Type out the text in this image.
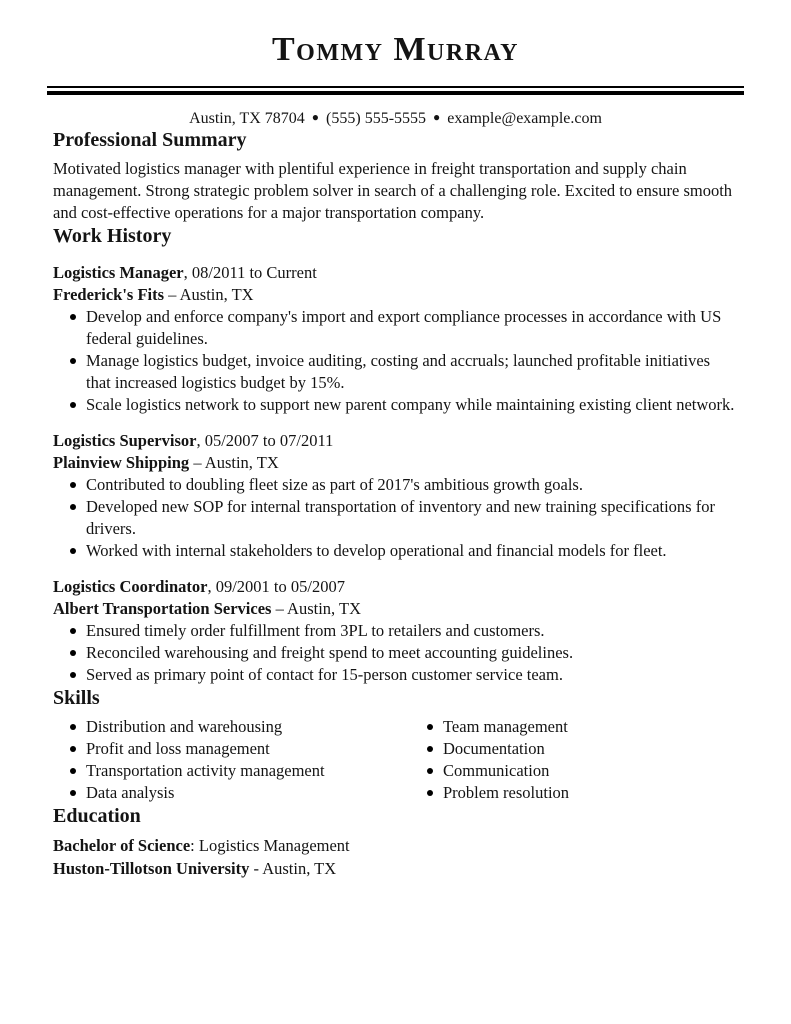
Tommy Murray
Austin, TX 78704 ● (555) 555-5555 ● example@example.com
Professional Summary

Motivated logistics manager with plentiful experience in freight transportation and supply chain management. Strong strategic problem solver in search of a challenging role. Excited to ensure smooth and cost-effective operations for a major transportation company.

Work History
Logistics Manager, 08/2011 to Current
Frederick's Fits – Austin, TX
Develop and enforce company's import and export compliance processes in accordance with US federal guidelines.
Manage logistics budget, invoice auditing, costing and accruals; launched profitable initiatives that increased logistics budget by 15%.
Scale logistics network to support new parent company while maintaining existing client network.
Logistics Supervisor, 05/2007 to 07/2011
Plainview Shipping – Austin, TX
Contributed to doubling fleet size as part of 2017's ambitious growth goals.
Developed new SOP for internal transportation of inventory and new training specifications for drivers.
Worked with internal stakeholders to develop operational and financial models for fleet.
Logistics Coordinator, 09/2001 to 05/2007
Albert Transportation Services – Austin, TX
Ensured timely order fulfillment from 3PL to retailers and customers.
Reconciled warehousing and freight spend to meet accounting guidelines.
Served as primary point of contact for 15-person customer service team.
Skills
Distribution and warehousing
Profit and loss management
Transportation activity management
Data analysis
Team management
Documentation
Communication
Problem resolution
Education
Bachelor of Science: Logistics Management
Huston-Tillotson University - Austin, TX
